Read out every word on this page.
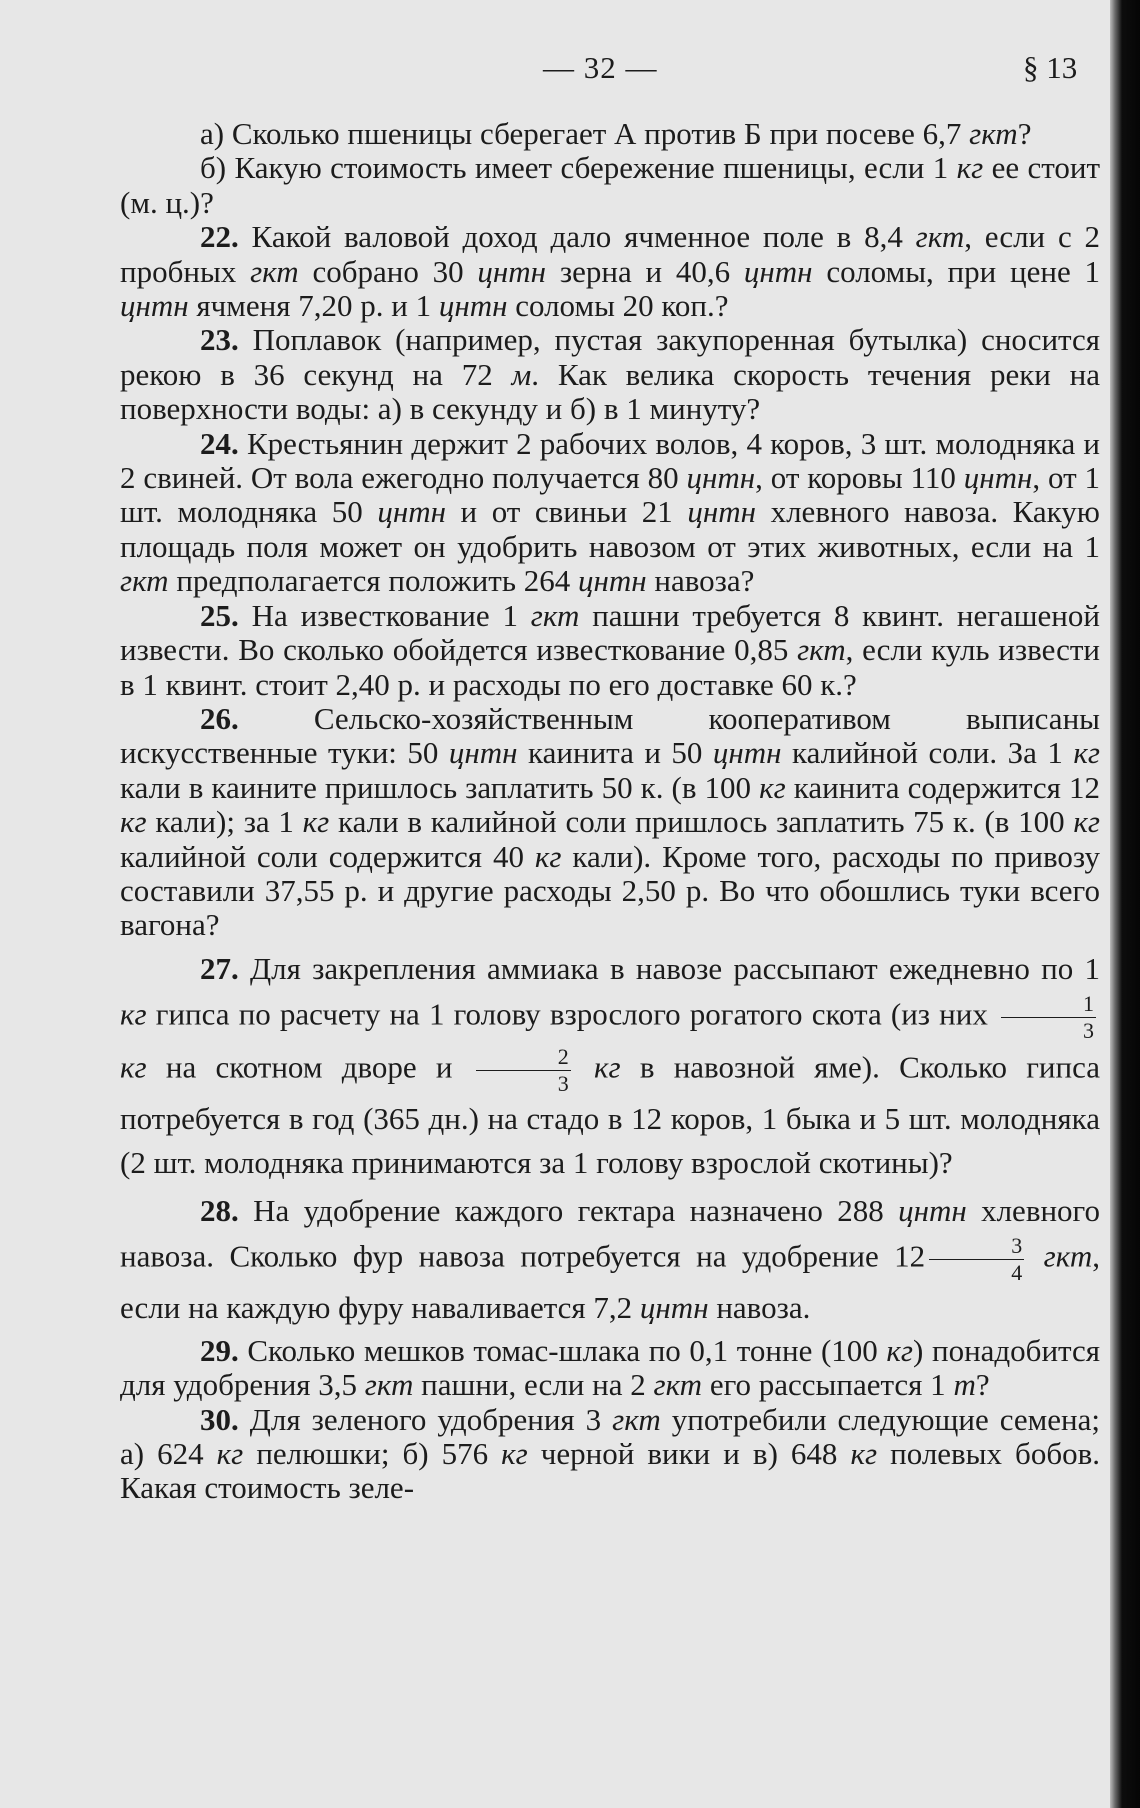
— 32 —	§ 13

a) Сколько пшеницы сберегает А против Б при посеве 6,7 гкт?

б) Какую стоимость имеет сбережение пшеницы, если 1 кг ее стоит (м. ц.)?

22. Какой валовой доход дало ячменное поле в 8,4 гкт, если с 2 пробных гкт собрано 30 цнтн зерна и 40,6 цнтн соломы, при цене 1 цнтн ячменя 7,20 р. и 1 цнтн соломы 20 коп.?

23. Поплавок (например, пустая закупоренная бутылка) сносится рекою в 36 секунд на 72 м. Как велика скорость течения реки на поверхности воды: а) в секунду и б) в 1 минуту?

24. Крестьянин держит 2 рабочих волов, 4 коров, 3 шт. молодняка и 2 свиней. От вола ежегодно получается 80 цнтн, от коровы 110 цнтн, от 1 шт. молодняка 50 цнтн и от свиньи 21 цнтн хлевного навоза. Какую площадь поля может он удобрить навозом от этих животных, если на 1 гкт предполагается положить 264 цнтн навоза?

25. На известкование 1 гкт пашни требуется 8 квинт. негашеной извести. Во сколько обойдется известкование 0,85 гкт, если куль извести в 1 квинт. стоит 2,40 р. и расходы по его доставке 60 к.?

26. Сельско-хозяйственным кооперативом выписаны искусственные туки: 50 цнтн каинита и 50 цнтн калийной соли. За 1 кг кали в каините пришлось заплатить 50 к. (в 100 кг каинита содержится 12 кг кали); за 1 кг кали в калийной соли пришлось заплатить 75 к. (в 100 кг калийной соли содержится 40 кг кали). Кроме того, расходы по привозу составили 37,55 р. и другие расходы 2,50 р. Во что обошлись туки всего вагона?

27. Для закрепления аммиака в навозе рассыпают ежедневно по 1 кг гипса по расчету на 1 голову взрослого рогатого скота (из них $\frac{1}{3}$
кг на скотном дворе и $\frac{2}{3}$ кг в навозной яме). Сколько гипса потребуется в год (365 дн.) на стадо в 12 коров, 1 быка и 5 шт. молодняка (2 шт. молодняка принимаются за 1 голову взрослой скотины)?

28. На удобрение каждого гектара назначено 288 цнтн хлевного навоза. Сколько фур навоза потребуется на удобрение $12 \frac{3}{4}$ гкт, если на каждую фуру наваливается 7,2 цнтн навоза.

29. Сколько мешков томас-шлака по 0,1 тонне (100 кг) понадобится для удобрения 3,5 гкт пашни, если на 2 гкт его рассыпается 1 т?

30. Для зеленого удобрения 3 гкт употребили следующие семена; а) 624 кг пелюшки; б) 576 кг черной вики и в) 648 кг полевых бобов. Какая стоимость зеле-
